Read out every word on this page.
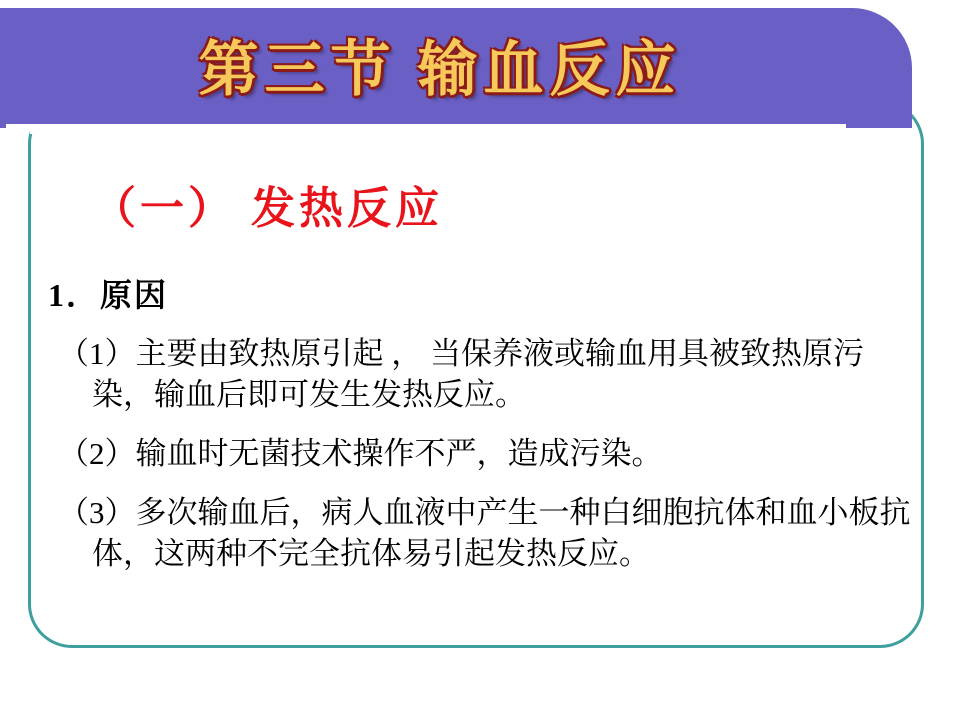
第三节 输血反应
（一） 发热反应
1．原因
（1）主要由致热原引起 ， 当保养液或输血用具被致热原污染，输血后即可发生发热反应。
（2）输血时无菌技术操作不严，造成污染。
（3）多次输血后，病人血液中产生一种白细胞抗体和血小板抗体，这两种不完全抗体易引起发热反应。
